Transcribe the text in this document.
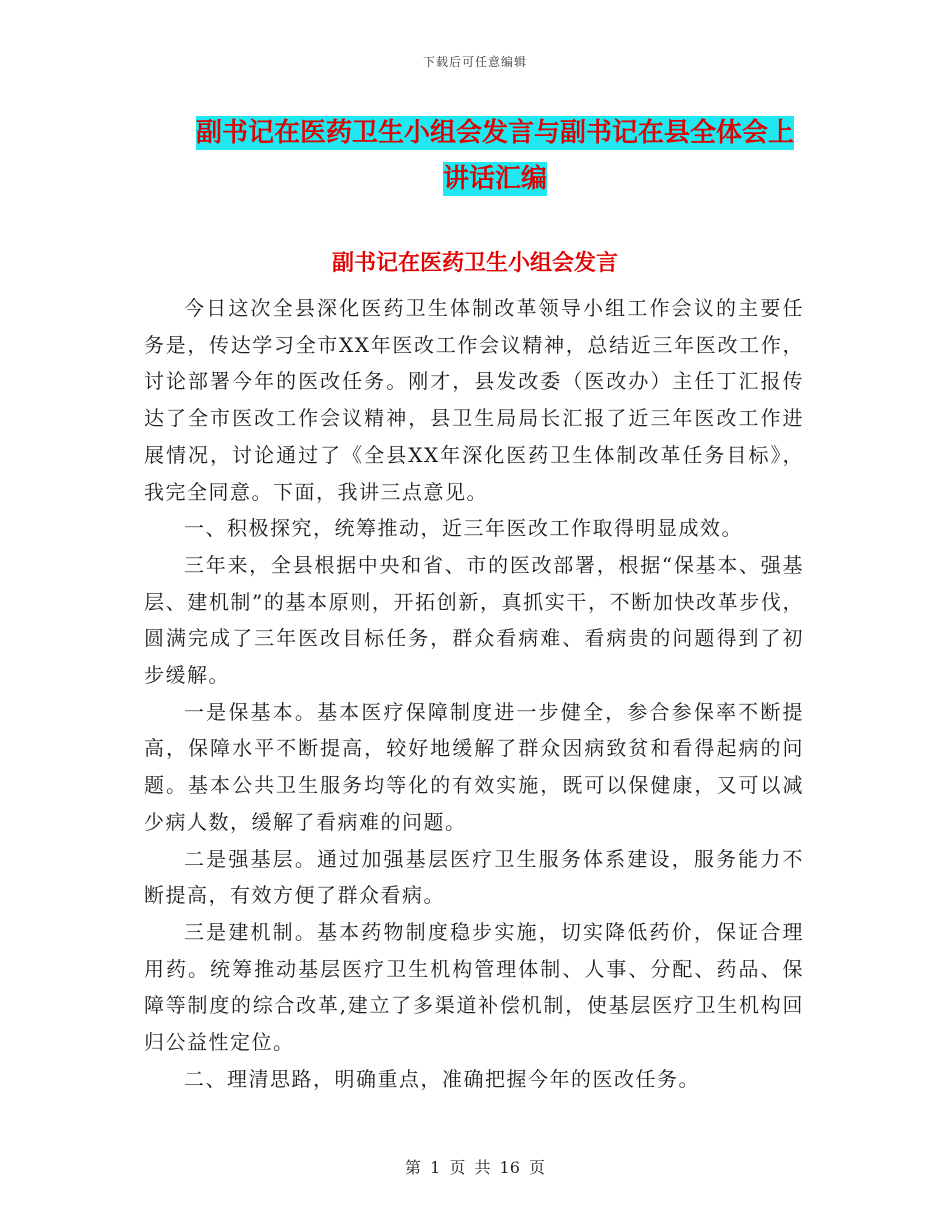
下载后可任意编辑
副书记在医药卫生小组会发言与副书记在县全体会上
讲话汇编
副书记在医药卫生小组会发言

今日这次全县深化医药卫生体制改革领导小组工作会议的主要任务是，传达学习全市XX年医改工作会议精神，总结近三年医改工作，讨论部署今年的医改任务。刚才，县发改委（医改办）主任丁汇报传达了全市医改工作会议精神，县卫生局局长汇报了近三年医改工作进展情况，讨论通过了《全县XX年深化医药卫生体制改革任务目标》，我完全同意。下面，我讲三点意见。

一、积极探究，统筹推动，近三年医改工作取得明显成效。

三年来，全县根据中央和省、市的医改部署，根据“保基本、强基层、建机制”的基本原则，开拓创新，真抓实干，不断加快改革步伐，圆满完成了三年医改目标任务，群众看病难、看病贵的问题得到了初步缓解。

一是保基本。基本医疗保障制度进一步健全，参合参保率不断提高，保障水平不断提高，较好地缓解了群众因病致贫和看得起病的问题。基本公共卫生服务均等化的有效实施，既可以保健康，又可以减少病人数，缓解了看病难的问题。

二是强基层。通过加强基层医疗卫生服务体系建设，服务能力不断提高，有效方便了群众看病。

三是建机制。基本药物制度稳步实施，切实降低药价，保证合理用药。统筹推动基层医疗卫生机构管理体制、人事、分配、药品、保障等制度的综合改革,建立了多渠道补偿机制，使基层医疗卫生机构回归公益性定位。

二、理清思路，明确重点，准确把握今年的医改任务。

第 1 页 共 16 页
